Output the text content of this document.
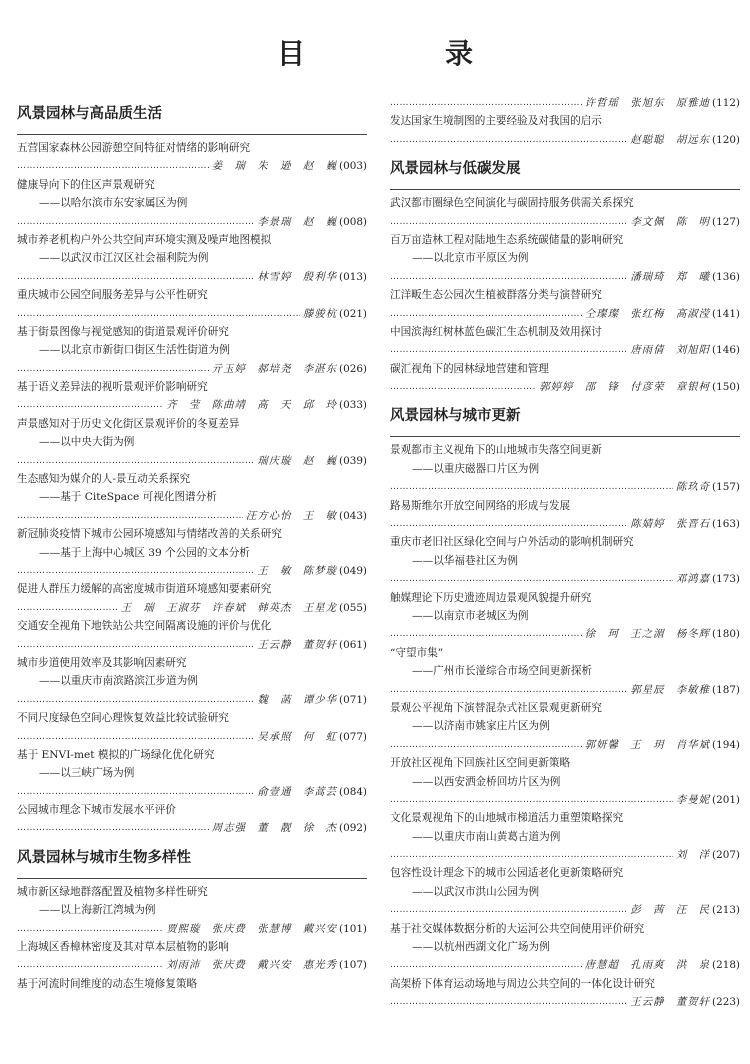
目　录
风景园林与高品质生活
五营国家森林公园游憩空间特征对情绪的影响研究
……………………………………………………………………………………………………………………………………………………………………
姜　瑞　朱　逊　赵　巍 (003)
健康导向下的住区声景观研究
——以哈尔滨市东安家属区为例
……………………………………………………………………………………………………………………………………………………………………
李景瑞　赵　巍 (008)
城市养老机构户外公共空间声环境实测及噪声地图模拟
——以武汉市江汉区社会福利院为例
……………………………………………………………………………………………………………………………………………………………………
林雪婷　殷利华 (013)
重庆城市公园空间服务差异与公平性研究
……………………………………………………………………………………………………………………………………………………………………
滕骏杭 (021)
基于街景图像与视觉感知的街道景观评价研究
——以北京市新街口街区生活性街道为例
……………………………………………………………………………………………………………………………………………………………………
亓玉婷　郝培尧　李湛东 (026)
基于语义差异法的视听景观评价影响研究
……………………………………………………………………………………………………………………………………………………………………
齐　莹　陈曲靖　高　天　邱　玲 (033)
声景感知对于历史文化街区景观评价的冬夏差异
——以中央大街为例
……………………………………………………………………………………………………………………………………………………………………
瑞庆璇　赵　巍 (039)
生态感知为媒介的人-景互动关系探究
——基于 CiteSpace 可视化图谱分析
……………………………………………………………………………………………………………………………………………………………………
汪方心怡　王　敏 (043)
新冠肺炎疫情下城市公园环境感知与情绪改善的关系研究
——基于上海中心城区 39 个公园的文本分析
……………………………………………………………………………………………………………………………………………………………………
王　敏　陈梦璇 (049)
促进人群压力缓解的高密度城市街道环境感知要素研究
……………………………………………………………………………………………………………………………………………………………………
王　瑞　王淑芬　许春斌　韩英杰　王星龙 (055)
交通安全视角下地铁站公共空间隔离设施的评价与优化
……………………………………………………………………………………………………………………………………………………………………
王云静　董贺轩 (061)
城市步道使用效率及其影响因素研究
——以重庆市南滨路滨江步道为例
……………………………………………………………………………………………………………………………………………………………………
魏　菡　谭少华 (071)
不同尺度绿色空间心理恢复效益比较试验研究
……………………………………………………………………………………………………………………………………………………………………
吴承照　何　虹 (077)
基于 ENVI-met 模拟的广场绿化优化研究
——以三峡广场为例
……………………………………………………………………………………………………………………………………………………………………
俞壹通　李蒿芸 (084)
公园城市理念下城市发展水平评价
……………………………………………………………………………………………………………………………………………………………………
周志强　董　靓　徐　杰 (092)
风景园林与城市生物多样性
城市新区绿地群落配置及植物多样性研究
——以上海新江湾城为例
……………………………………………………………………………………………………………………………………………………………………
贾熙璇　张庆费　张慧博　戴兴安 (101)
上海城区香樟林密度及其对草本层植物的影响
……………………………………………………………………………………………………………………………………………………………………
刘雨沛　张庆费　戴兴安　惠光秀 (107)
基于河流时间维度的动态生境修复策略
……………………………………………………………………………………………………………………………………………………………………
许哲瑶　张旭东　原雅迪 (112)
发达国家生境制图的主要经验及对我国的启示
……………………………………………………………………………………………………………………………………………………………………
赵聪聪　胡远东 (120)
风景园林与低碳发展
武汉都市圈绿色空间演化与碳固持服务供需关系探究
……………………………………………………………………………………………………………………………………………………………………
李文佩　陈　明 (127)
百万亩造林工程对陆地生态系统碳储量的影响研究
——以北京市平原区为例
……………………………………………………………………………………………………………………………………………………………………
潘瑞琦　郑　曦 (136)
江洋畈生态公园次生植被群落分类与演替研究
……………………………………………………………………………………………………………………………………………………………………
仝璨璨　张红梅　高淑滢 (141)
中国滨海红树林蓝色碳汇生态机制及效用探讨
……………………………………………………………………………………………………………………………………………………………………
唐雨倩　刘旭阳 (146)
碳汇视角下的园林绿地营建和管理
……………………………………………………………………………………………………………………………………………………………………
郭婷婷　邵　锋　付彦荣　章银柯 (150)
风景园林与城市更新
景观都市主义视角下的山地城市失落空间更新
——以重庆磁器口片区为例
……………………………………………………………………………………………………………………………………………………………………
陈玖奇 (157)
路易斯维尔开放空间网络的形成与发展
……………………………………………………………………………………………………………………………………………………………………
陈婧婷　张晋石 (163)
重庆市老旧社区绿化空间与户外活动的影响机制研究
——以华福巷社区为例
……………………………………………………………………………………………………………………………………………………………………
邓鸿嘉 (173)
触媒理论下历史遗迹周边景观风貌提升研究
——以南京市老城区为例
……………………………………………………………………………………………………………………………………………………………………
徐　珂　王之湄　杨冬辉 (180)
“守望市集”
——广州市长湴综合市场空间更新探析
……………………………………………………………………………………………………………………………………………………………………
郭星辰　李敏稚 (187)
景观公平视角下演替混杂式社区景观更新研究
——以济南市姚家庄片区为例
……………………………………………………………………………………………………………………………………………………………………
郭妍馨　王　玥　肖华斌 (194)
开放社区视角下回族社区空间更新策略
——以西安洒金桥回坊片区为例
……………………………………………………………………………………………………………………………………………………………………
李曼妮 (201)
文化景观视角下的山地城市梯道活力重塑策略探究
——以重庆市南山黄葛古道为例
……………………………………………………………………………………………………………………………………………………………………
刘　洋 (207)
包容性设计理念下的城市公园适老化更新策略研究
——以武汉市洪山公园为例
……………………………………………………………………………………………………………………………………………………………………
彭　茜　汪　民 (213)
基于社交媒体数据分析的大运河公共空间使用评价研究
——以杭州西湖文化广场为例
……………………………………………………………………………………………………………………………………………………………………
唐慧超　孔雨爽　洪　泉 (218)
高架桥下体育运动场地与周边公共空间的一体化设计研究
……………………………………………………………………………………………………………………………………………………………………
王云静　董贺轩 (223)
